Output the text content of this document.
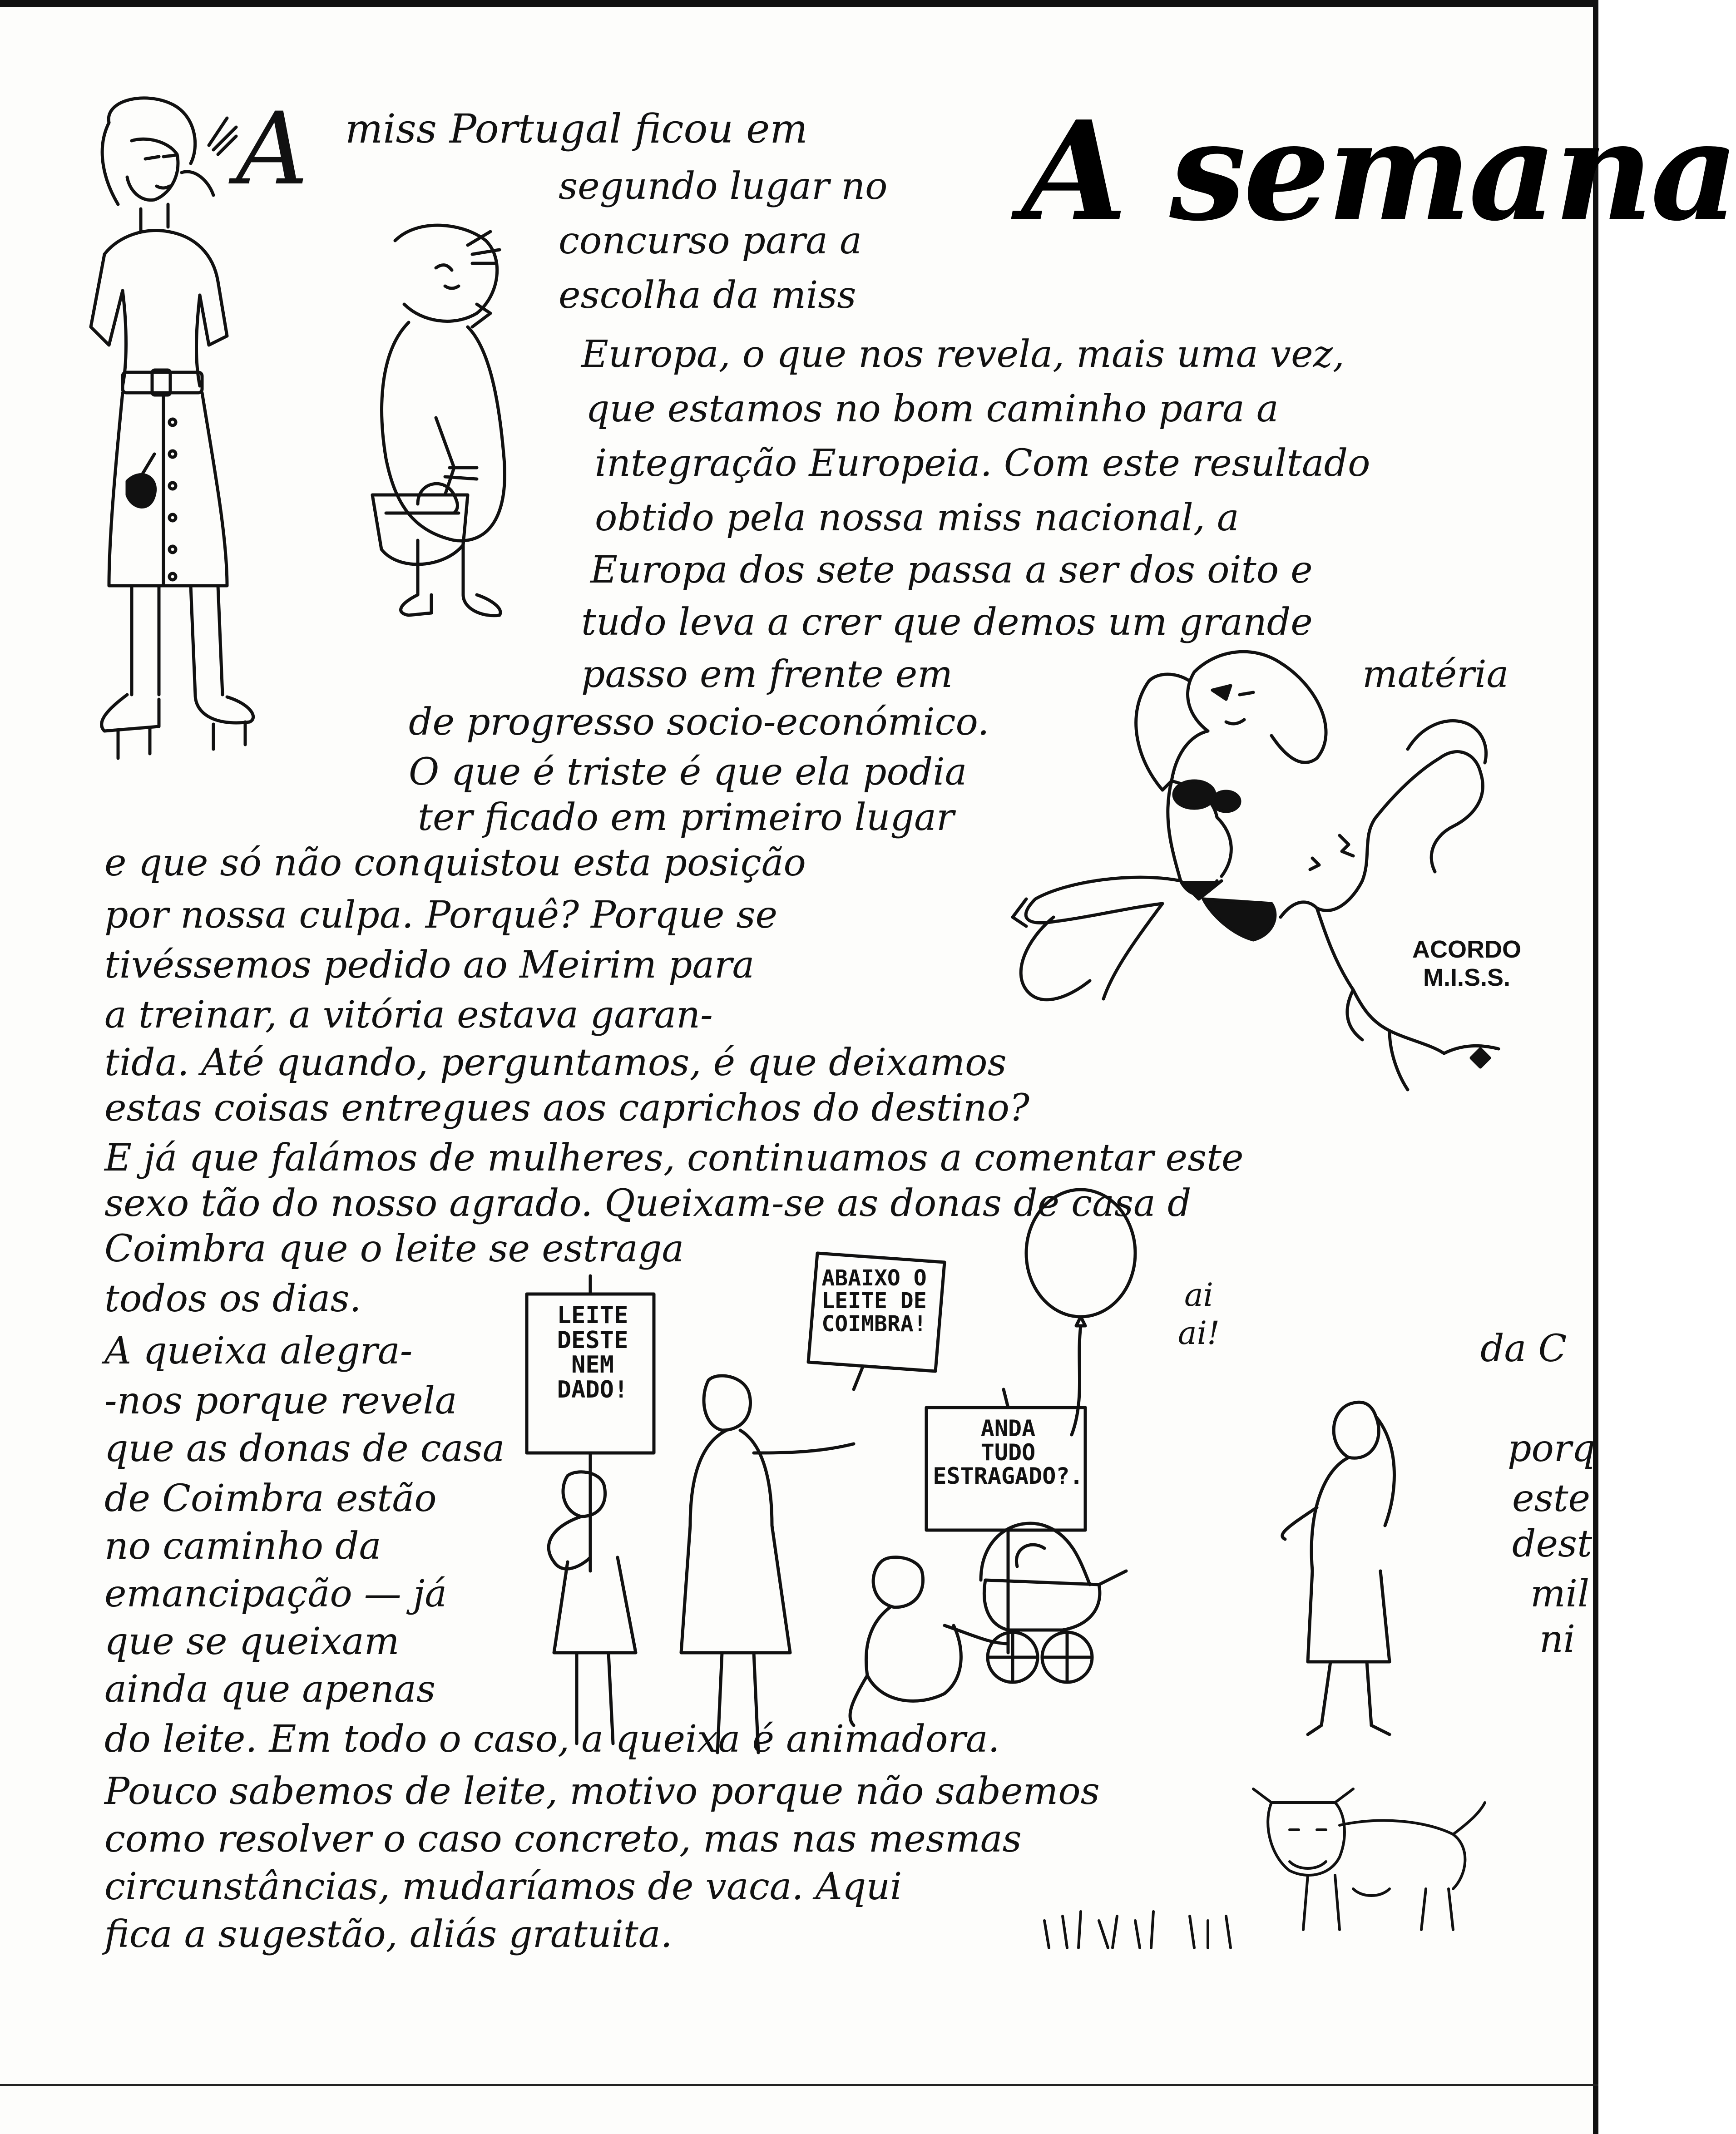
A semana
A miss Portugal ficou em
segundo lugar no
concurso para a
escolha da miss
Europa, o que nos revela, mais uma vez,
que estamos no bom caminho para a
integração Europeia. Com este resultado
obtido pela nossa miss nacional, a
Europa dos sete passa a ser dos oito e
tudo leva a crer que demos um grande
passo em frente em	matéria
de progresso socio-económico.
O que é triste é que ela podia
ter ficado em primeiro lugar
e que só não conquistou esta posição
por nossa culpa. Porquê? Porque se
tivéssemos pedido ao Meirim para
a treinar, a vitória estava garan-
tida. Até quando, perguntamos, é que deixamos
estas coisas entregues aos caprichos do destino?
E já que falámos de mulheres, continuamos a comentar este
sexo tão do nosso agrado. Queixam-se as donas de casa d
Coimbra que o leite se estraga
todos os dias.
A queixa alegra-
-nos porque revela
que as donas de casa
de Coimbra estão
no caminho da
emancipação — já
que se queixam
ainda que apenas
do leite. Em todo o caso, a queixa é animadora.
Pouco sabemos de leite, motivo porque não sabemos
como resolver o caso concreto, mas nas mesmas
circunstâncias, mudaríamos de vaca. Aqui
fica a sugestão, aliás gratuita.
da C
porq
este
dest
mil
ni
ACORDO
M.I.S.S.
LEITE
DESTE
NEM
DADO!
ABAIXO O
LEITE DE
COIMBRA!
ANDA
TUDO
ESTRAGADO?.
ai
ai!
